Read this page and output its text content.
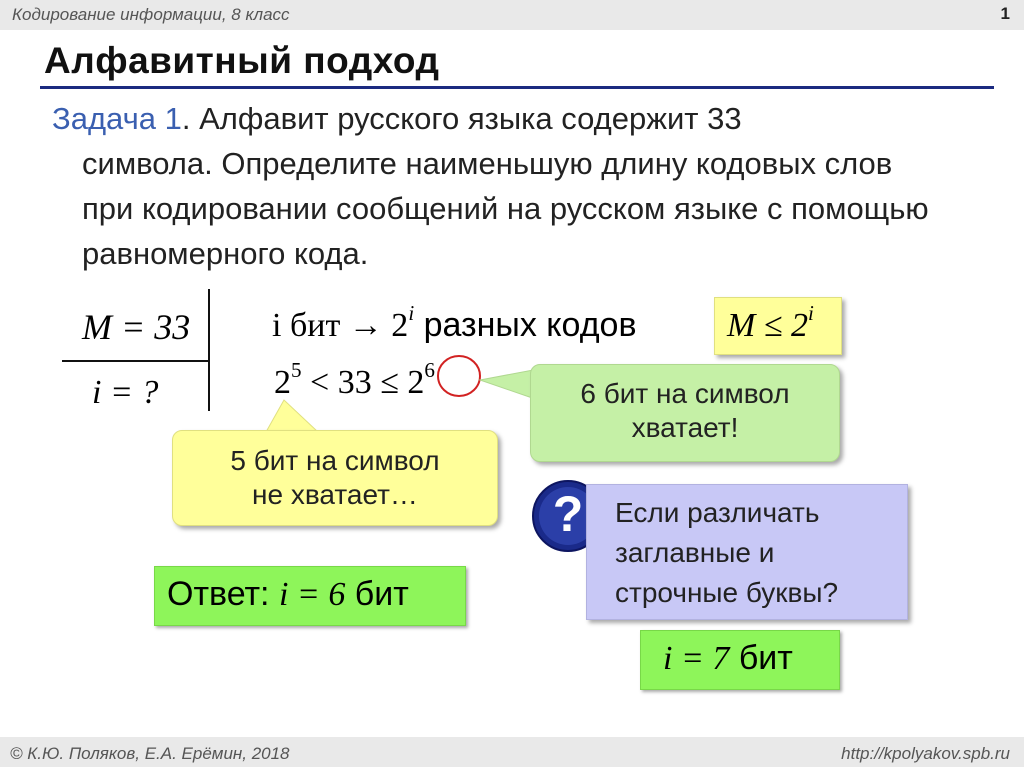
Кодирование информации, 8 класс	1
Алфавитный подход
Задача 1. Алфавит русского языка содержит 33
символа. Определите наименьшую длину кодовых слов при кодировании сообщений на русском языке с помощью равномерного кода.
M = 33
i = ?
i бит → $2^i$ разных кодов	$M \le 2^i$
$2^5 < 33 \le 2^6$
6 бит на символ
хватает!
5 бит на символ
не хватает…	?	Если различать заглавные и строчные буквы?
Ответ: i = 6 бит
i = 7 бит
© К.Ю. Поляков, Е.А. Ерёмин, 2018	http://kpolyakov.spb.ru
